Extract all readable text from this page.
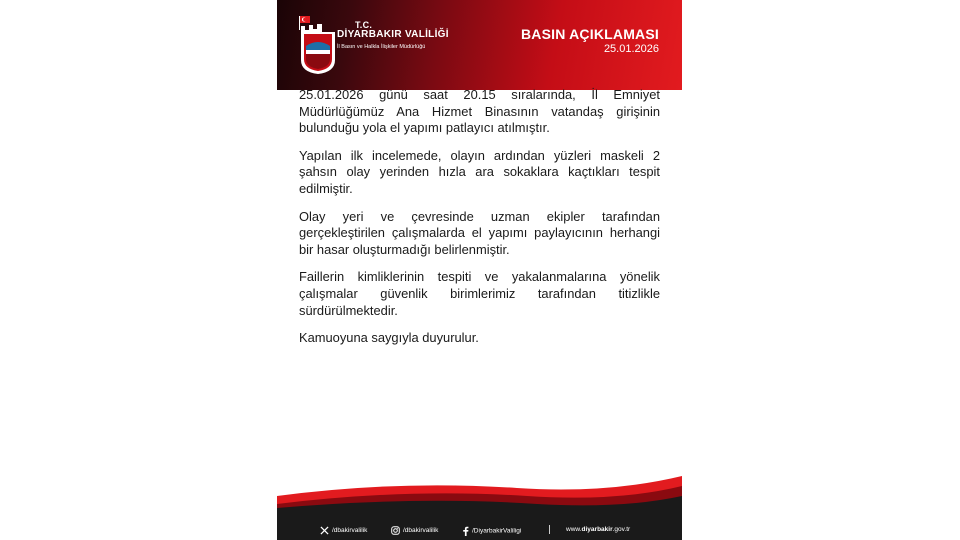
T.C.
DİYARBAKIR VALİLİĞİ
İl Basın ve Halkla İlişkiler Müdürlüğü
BASIN AÇIKLAMASI
25.01.2026

25.01.2026 günü saat 20.15 sıralarında, İl Emniyet Müdürlüğümüz Ana Hizmet Binasının vatandaş girişinin bulunduğu yola el yapımı patlayıcı atılmıştır.

Yapılan ilk incelemede, olayın ardından yüzleri maskeli 2 şahsın olay yerinden hızla ara sokaklara kaçtıkları tespit edilmiştir.

Olay yeri ve çevresinde uzman ekipler tarafından gerçekleştirilen çalışmalarda el yapımı paylayıcının herhangi bir hasar oluşturmadığı belirlenmiştir.

Faillerin kimliklerinin tespiti ve yakalanmalarına yönelik çalışmalar güvenlik birimlerimiz tarafından titizlikle sürdürülmektedir.

Kamuoyuna saygıyla duyurulur.

/dbakirvalilik	/dbakirvalilik	/DiyarbakirValiligi	www.diyarbakir.gov.tr
